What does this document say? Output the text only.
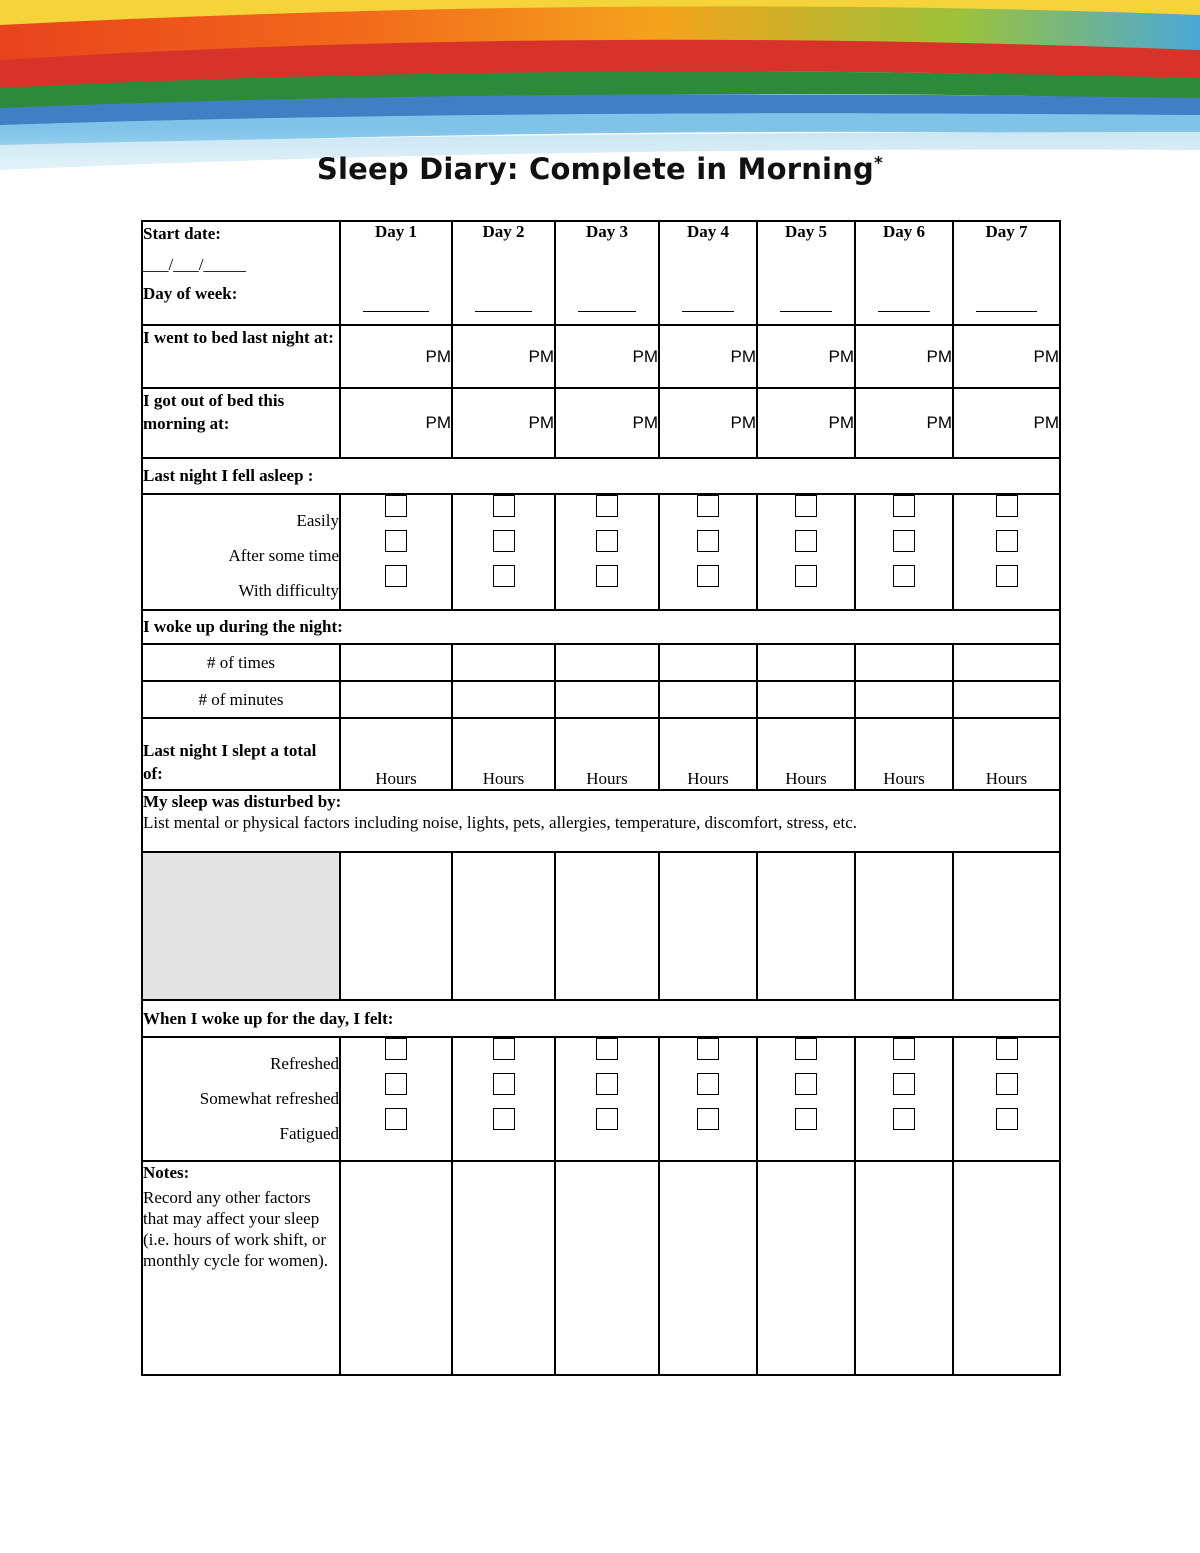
Sleep Diary: Complete in Morning*
Start date:
___/___/_____
Day of week:	Day 1	Day 2	Day 3	Day 4	Day 5	Day 6	Day 7

I went to bed last night at:	PM	PM	PM	PM	PM	PM	PM
I got out of bed this morning at:	PM	PM	PM	PM	PM	PM	PM
Last night I fell asleep :							

Easily
After some time
With difficulty							

I woke up during the night:							
# of times							
# of minutes							
Last night I slept a total of:	Hours	Hours	Hours	Hours	Hours	Hours	Hours

My sleep was disturbed by:
List mental or physical factors including noise, lights, pets, allergies, temperature, discomfort, stress, etc.							

When I woke up for the day, I felt:							

Refreshed
Somewhat refreshed
Fatigued							

Notes:
Record any other factors that may affect your sleep (i.e. hours of work shift, or monthly cycle for women).							
